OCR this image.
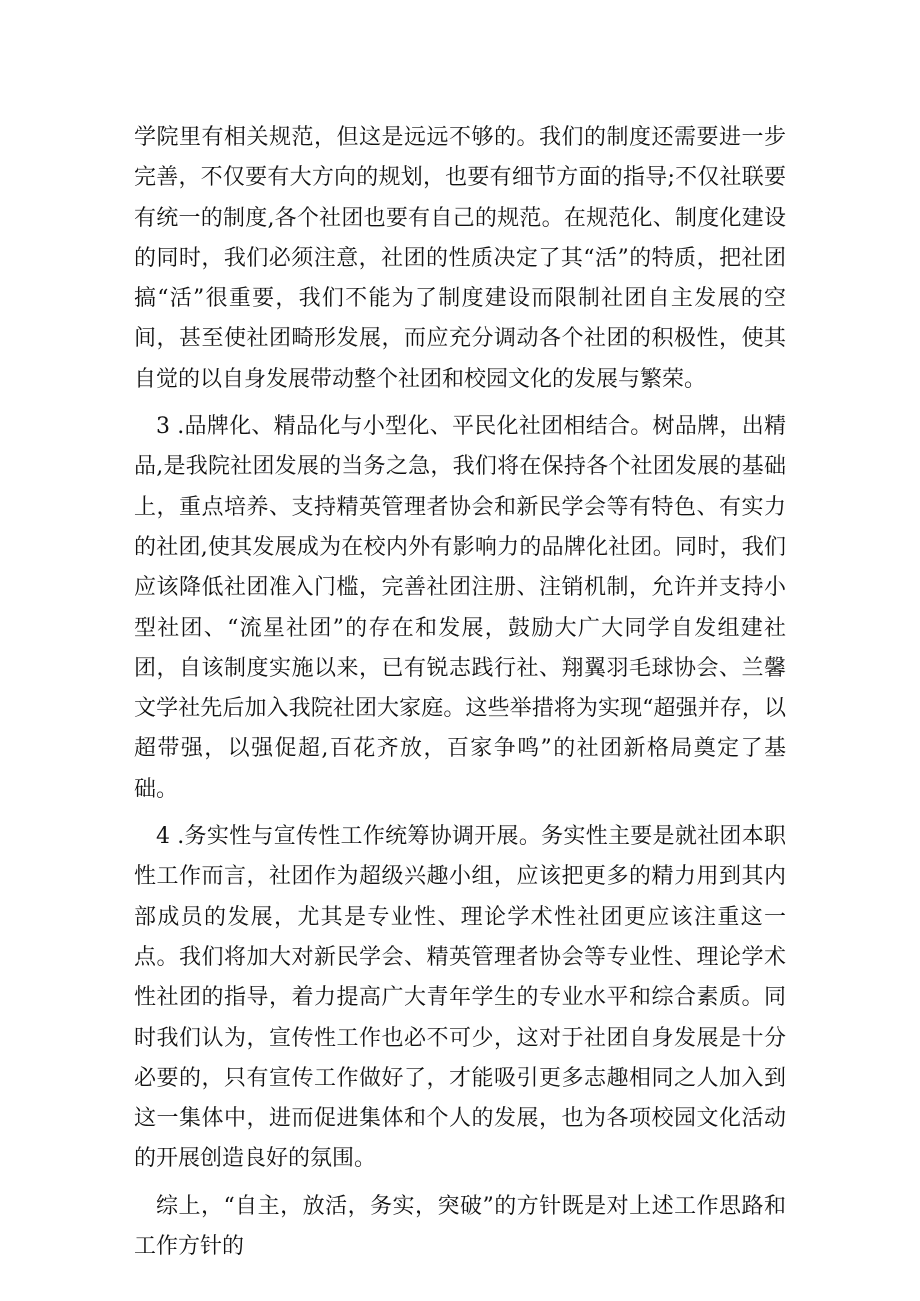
学院里有相关规范，但这是远远不够的。我们的制度还需要进一步完善，不仅要有大方向的规划，也要有细节方面的指导;不仅社联要有统一的制度,各个社团也要有自己的规范。在规范化、制度化建设的同时，我们必须注意，社团的性质决定了其“活”的特质，把社团搞“活”很重要，我们不能为了制度建设而限制社团自主发展的空间，甚至使社团畸形发展，而应充分调动各个社团的积极性，使其自觉的以自身发展带动整个社团和校园文化的发展与繁荣。

3 .品牌化、精品化与小型化、平民化社团相结合。树品牌，出精品,是我院社团发展的当务之急，我们将在保持各个社团发展的基础上，重点培养、支持精英管理者协会和新民学会等有特色、有实力的社团,使其发展成为在校内外有影响力的品牌化社团。同时，我们应该降低社团准入门槛，完善社团注册、注销机制，允许并支持小型社团、“流星社团”的存在和发展，鼓励大广大同学自发组建社团，自该制度实施以来，已有锐志践行社、翔翼羽毛球协会、兰馨文学社先后加入我院社团大家庭。这些举措将为实现“超强并存，以超带强，以强促超,百花齐放，百家争鸣”的社团新格局奠定了基础。

4 .务实性与宣传性工作统筹协调开展。务实性主要是就社团本职性工作而言，社团作为超级兴趣小组，应该把更多的精力用到其内部成员的发展，尤其是专业性、理论学术性社团更应该注重这一点。我们将加大对新民学会、精英管理者协会等专业性、理论学术性社团的指导，着力提高广大青年学生的专业水平和综合素质。同时我们认为，宣传性工作也必不可少，这对于社团自身发展是十分必要的，只有宣传工作做好了，才能吸引更多志趣相同之人加入到这一集体中，进而促进集体和个人的发展，也为各项校园文化活动的开展创造良好的氛围。

综上，“自主，放活，务实，突破”的方针既是对上述工作思路和工作方针的
